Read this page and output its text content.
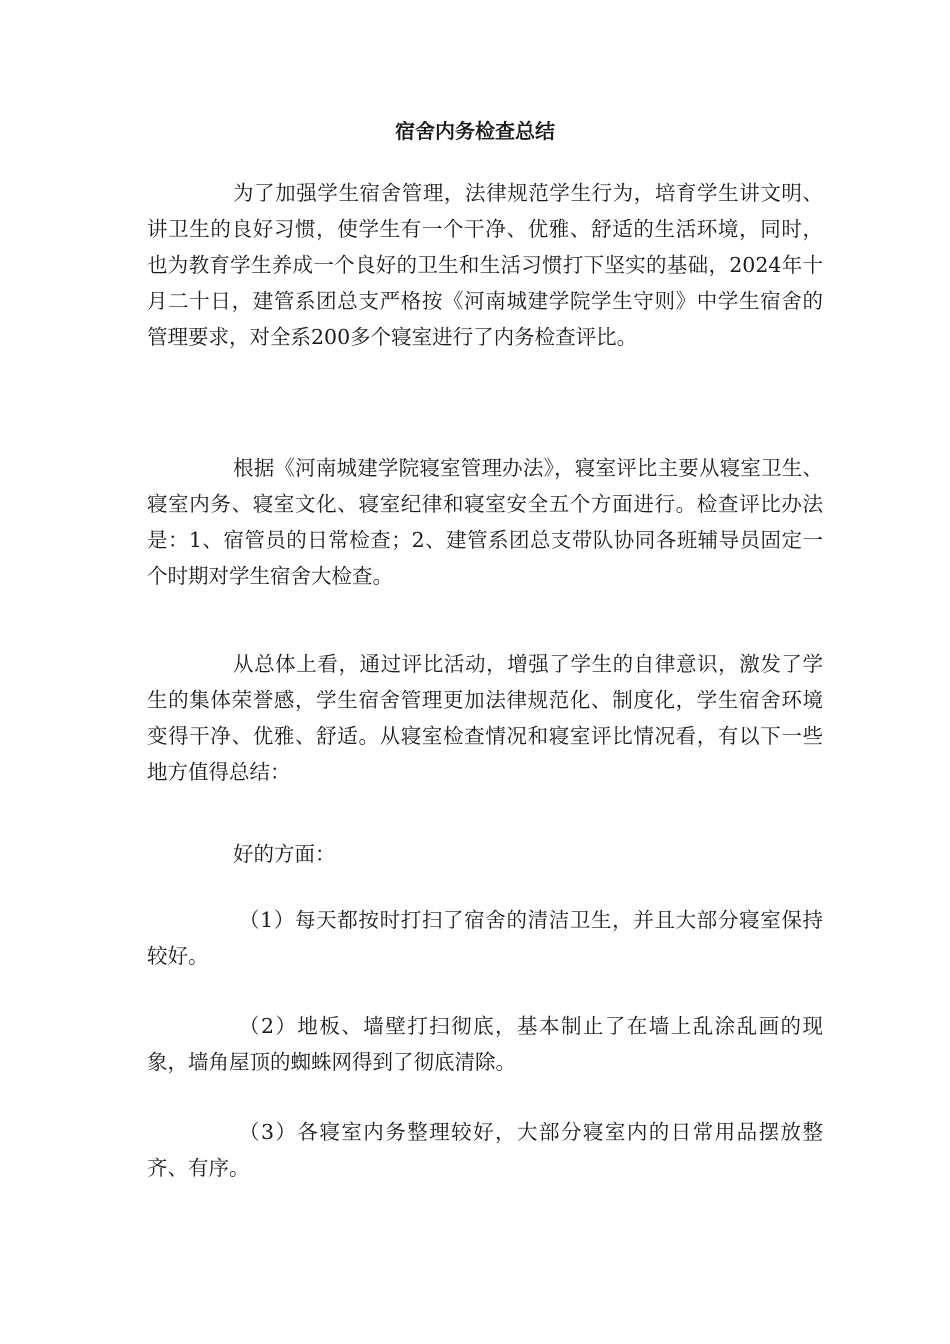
宿舍内务检查总结

为了加强学生宿舍管理，法律规范学生行为，培育学生讲文明、讲卫生的良好习惯，使学生有一个干净、优雅、舒适的生活环境，同时，也为教育学生养成一个良好的卫生和生活习惯打下坚实的基础，2024年十月二十日，建管系团总支严格按《河南城建学院学生守则》中学生宿舍的管理要求，对全系200多个寝室进行了内务检查评比。

根据《河南城建学院寝室管理办法》，寝室评比主要从寝室卫生、寝室内务、寝室文化、寝室纪律和寝室安全五个方面进行。检查评比办法是：1、宿管员的日常检查；2、建管系团总支带队协同各班辅导员固定一个时期对学生宿舍大检查。

从总体上看，通过评比活动，增强了学生的自律意识，激发了学生的集体荣誉感，学生宿舍管理更加法律规范化、制度化，学生宿舍环境变得干净、优雅、舒适。从寝室检查情况和寝室评比情况看，有以下一些地方值得总结：

好的方面：

（1）每天都按时打扫了宿舍的清洁卫生，并且大部分寝室保持较好。

（2）地板、墙壁打扫彻底，基本制止了在墙上乱涂乱画的现象，墙角屋顶的蜘蛛网得到了彻底清除。

（3）各寝室内务整理较好，大部分寝室内的日常用品摆放整齐、有序。
